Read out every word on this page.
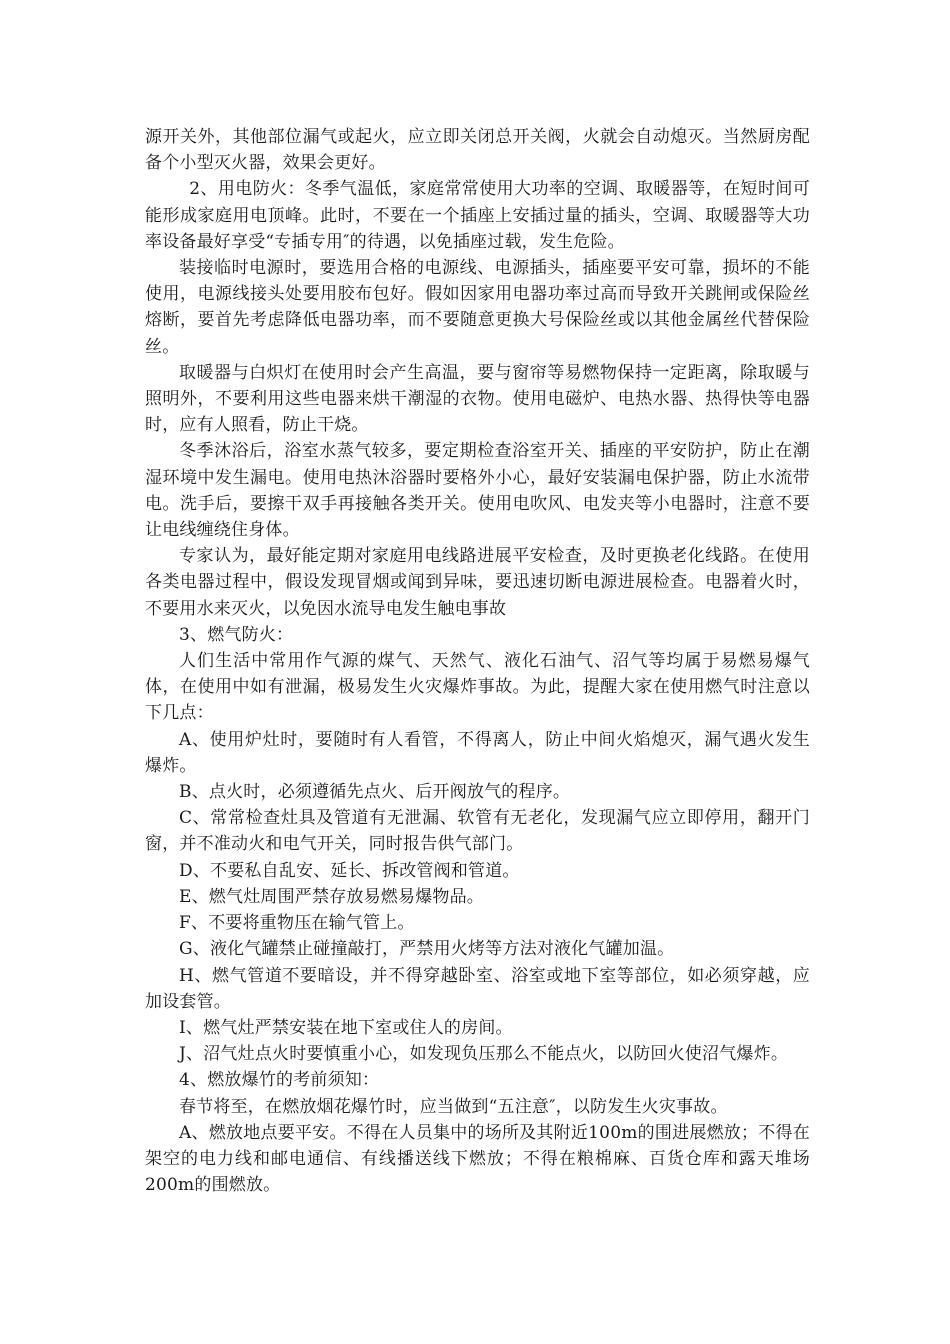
源开关外，其他部位漏气或起火，应立即关闭总开关阀，火就会自动熄灭。当然厨房配备个小型灭火器，效果会更好。

2、用电防火：冬季气温低，家庭常常使用大功率的空调、取暖器等，在短时间可能形成家庭用电顶峰。此时，不要在一个插座上安插过量的插头，空调、取暖器等大功率设备最好享受“专插专用″的待遇，以免插座过载，发生危险。

装接临时电源时，要选用合格的电源线、电源插头，插座要平安可靠，损坏的不能使用，电源线接头处要用胶布包好。假如因家用电器功率过高而导致开关跳闸或保险丝熔断，要首先考虑降低电器功率，而不要随意更换大号保险丝或以其他金属丝代替保险丝。

取暖器与白炽灯在使用时会产生高温，要与窗帘等易燃物保持一定距离，除取暖与照明外，不要利用这些电器来烘干潮湿的衣物。使用电磁炉、电热水器、热得快等电器时，应有人照看，防止干烧。

冬季沐浴后，浴室水蒸气较多，要定期检查浴室开关、插座的平安防护，防止在潮湿环境中发生漏电。使用电热沐浴器时要格外小心，最好安装漏电保护器，防止水流带电。洗手后，要擦干双手再接触各类开关。使用电吹风、电发夹等小电器时，注意不要让电线缠绕住身体。

专家认为，最好能定期对家庭用电线路进展平安检查，及时更换老化线路。在使用各类电器过程中，假设发现冒烟或闻到异味，要迅速切断电源进展检查。电器着火时，不要用水来灭火，以免因水流导电发生触电事故

3、燃气防火：

人们生活中常用作气源的煤气、天然气、液化石油气、沼气等均属于易燃易爆气体，在使用中如有泄漏，极易发生火灾爆炸事故。为此，提醒大家在使用燃气时注意以下几点：

A、使用炉灶时，要随时有人看管，不得离人，防止中间火焰熄灭，漏气遇火发生爆炸。

B、点火时，必须遵循先点火、后开阀放气的程序。

C、常常检查灶具及管道有无泄漏、软管有无老化，发现漏气应立即停用，翻开门窗，并不准动火和电气开关，同时报告供气部门。

D、不要私自乱安、延长、拆改管阀和管道。

E、燃气灶周围严禁存放易燃易爆物品。

F、不要将重物压在输气管上。

G、液化气罐禁止碰撞敲打，严禁用火烤等方法对液化气罐加温。

H、燃气管道不要暗设，并不得穿越卧室、浴室或地下室等部位，如必须穿越，应加设套管。

I、燃气灶严禁安装在地下室或住人的房间。

J、沼气灶点火时要慎重小心，如发现负压那么不能点火，以防回火使沼气爆炸。

4、燃放爆竹的考前须知：

春节将至，在燃放烟花爆竹时，应当做到“五注意″，以防发生火灾事故。

A、燃放地点要平安。不得在人员集中的场所及其附近100m的围进展燃放；不得在架空的电力线和邮电通信、有线播送线下燃放；不得在粮棉麻、百货仓库和露天堆场200m的围燃放。
